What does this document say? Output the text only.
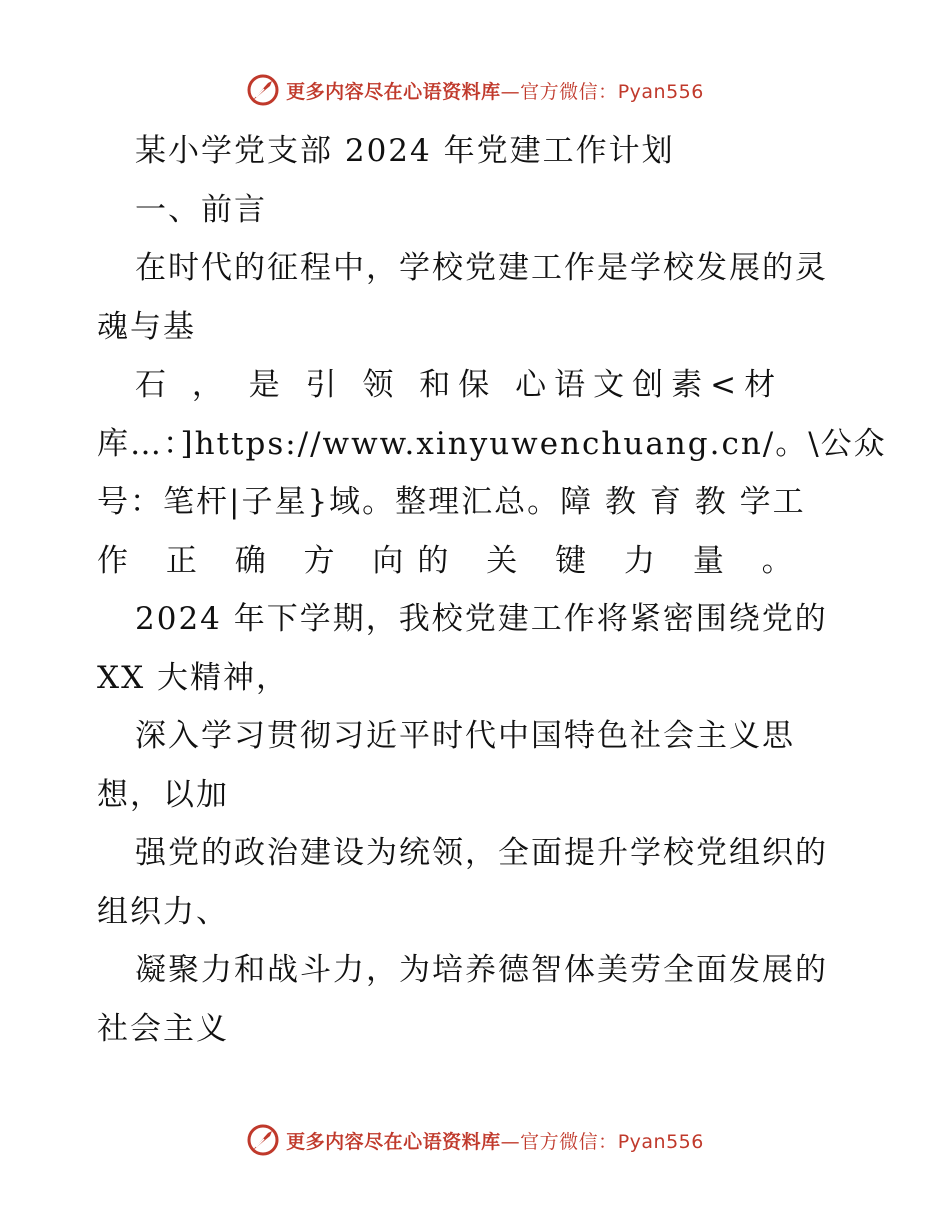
更多内容尽在心语资料库—官方微信：Pyan556
某小学党支部 2024 年党建工作计划
一、前言
在时代的征程中，学校党建工作是学校发展的灵
魂与基
石 ， 是 引 领 和保 心语文创素<材
库…：]https://www.xinyuwenchuang.cn/。\公众
号：笔杆|子星}域。整理汇总。障 教 育 教 学工
作 正 确 方 向的 关 键 力 量 。
2024 年下学期，我校党建工作将紧密围绕党的
XX 大精神，
深入学习贯彻习近平时代中国特色社会主义思
想，以加
强党的政治建设为统领，全面提升学校党组织的
组织力、
凝聚力和战斗力，为培养德智体美劳全面发展的
社会主义
更多内容尽在心语资料库—官方微信：Pyan556
